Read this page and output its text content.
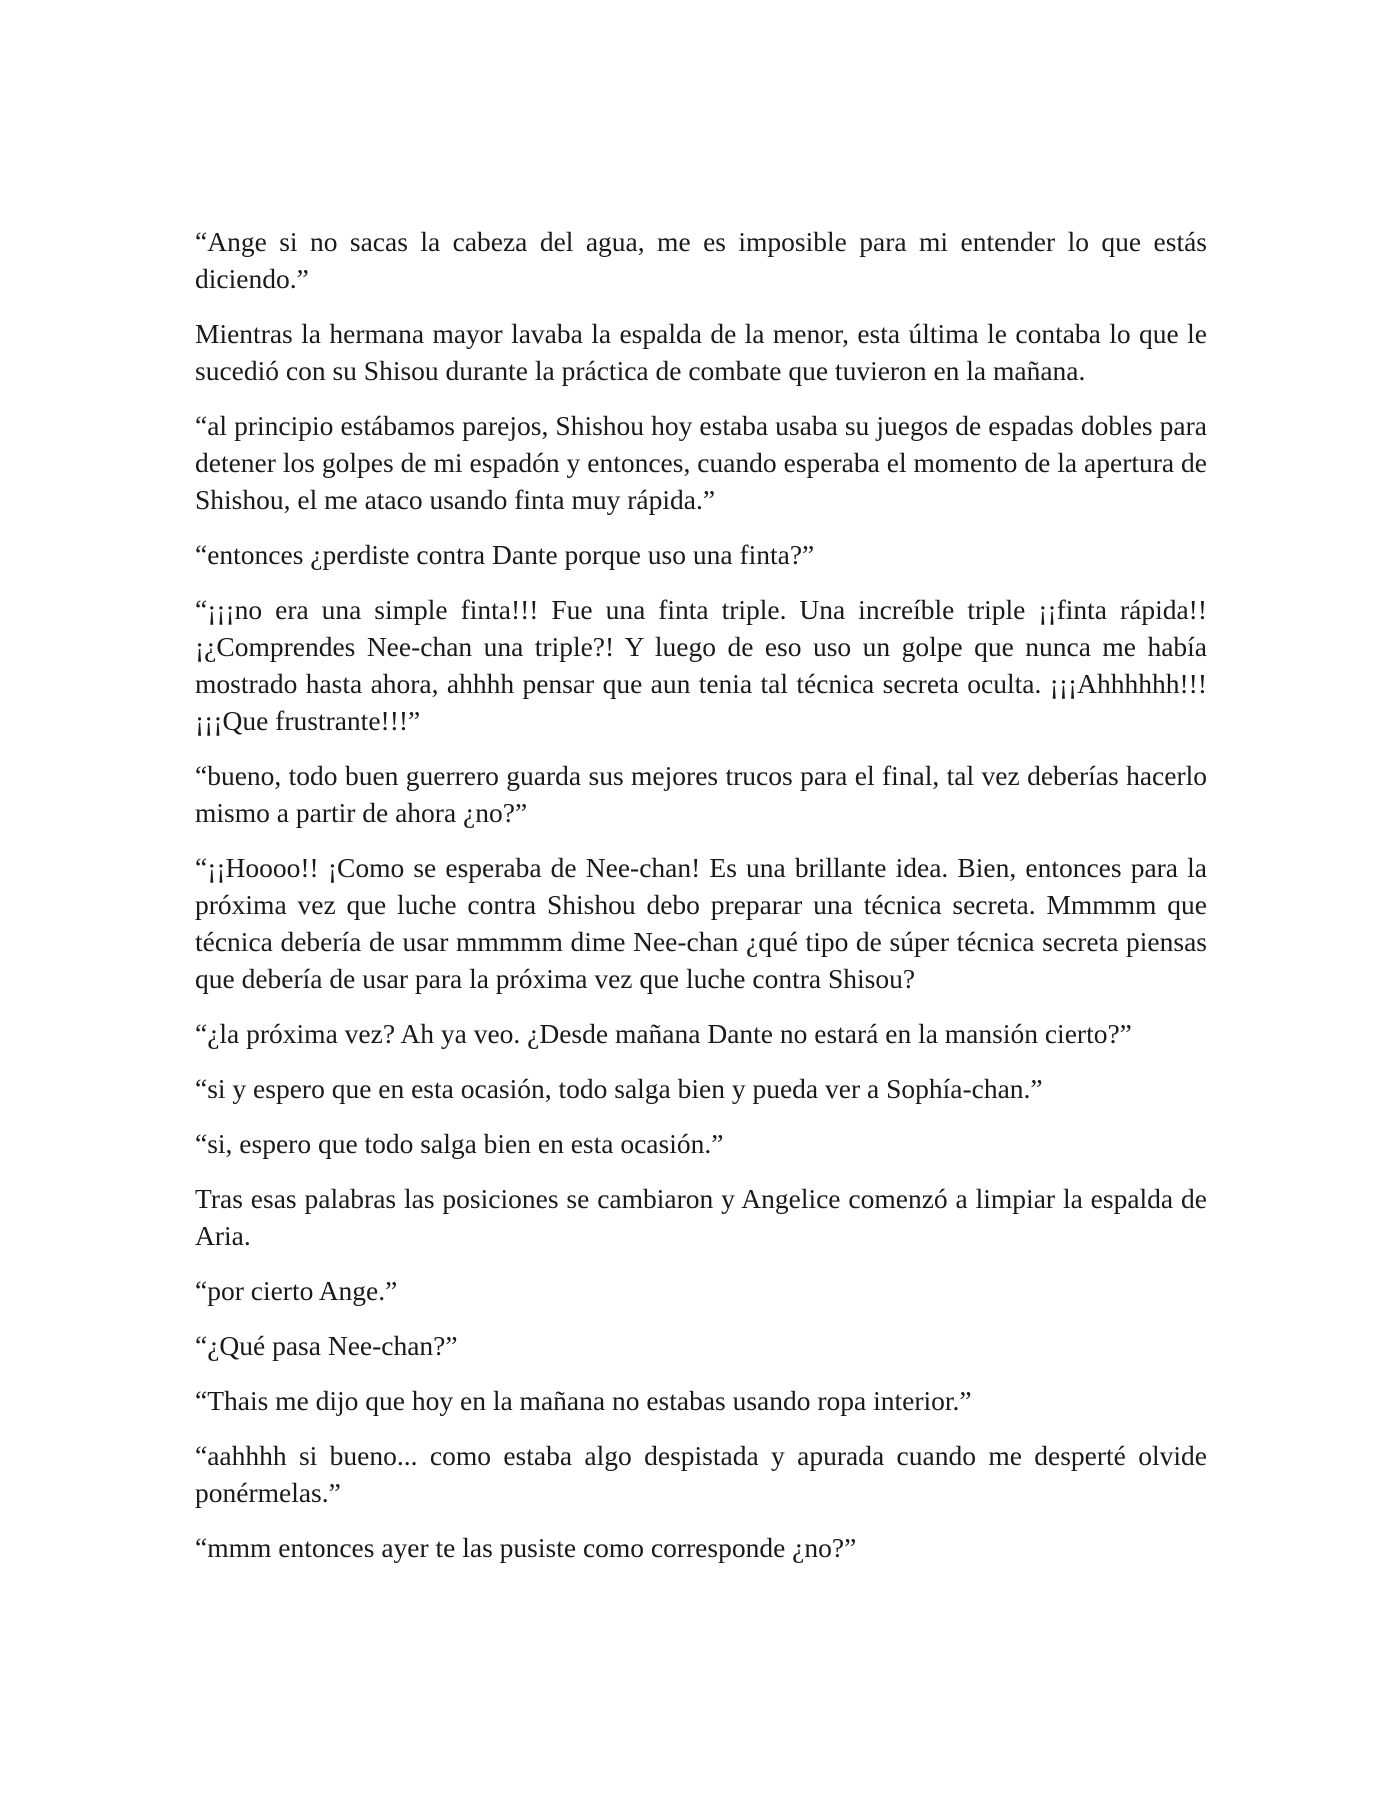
“Ange si no sacas la cabeza del agua, me es imposible para mi entender lo que estás diciendo.”

Mientras la hermana mayor lavaba la espalda de la menor, esta última le contaba lo que le sucedió con su Shisou durante la práctica de combate que tuvieron en la mañana.

“al principio estábamos parejos, Shishou hoy estaba usaba su juegos de espadas dobles para detener los golpes de mi espadón y entonces, cuando esperaba el momento de la apertura de Shishou, el me ataco usando finta muy rápida.”

“entonces ¿perdiste contra Dante porque uso una finta?”

“¡¡¡no era una simple finta!!! Fue una finta triple. Una increíble triple ¡¡finta rápida!! ¡¿Comprendes Nee-chan una triple?! Y luego de eso uso un golpe que nunca me había mostrado hasta ahora, ahhhh pensar que aun tenia tal técnica secreta oculta. ¡¡¡Ahhhhhh!!! ¡¡¡Que frustrante!!!”

“bueno, todo buen guerrero guarda sus mejores trucos para el final, tal vez deberías hacerlo mismo a partir de ahora ¿no?”

“¡¡Hoooo!! ¡Como se esperaba de Nee-chan! Es una brillante idea. Bien, entonces para la próxima vez que luche contra Shishou debo preparar una técnica secreta. Mmmmm que técnica debería de usar mmmmm dime Nee-chan ¿qué tipo de súper técnica secreta piensas que debería de usar para la próxima vez que luche contra Shisou?

“¿la próxima vez? Ah ya veo. ¿Desde mañana Dante no estará en la mansión cierto?”

“si y espero que en esta ocasión, todo salga bien y pueda ver a Sophía-chan.”

“si, espero que todo salga bien en esta ocasión.”

Tras esas palabras las posiciones se cambiaron y Angelice comenzó a limpiar la espalda de Aria.

“por cierto Ange.”

“¿Qué pasa Nee-chan?”

“Thais me dijo que hoy en la mañana no estabas usando ropa interior.”

“aahhhh si bueno... como estaba algo despistada y apurada cuando me desperté olvide ponérmelas.”

“mmm entonces ayer te las pusiste como corresponde ¿no?”
